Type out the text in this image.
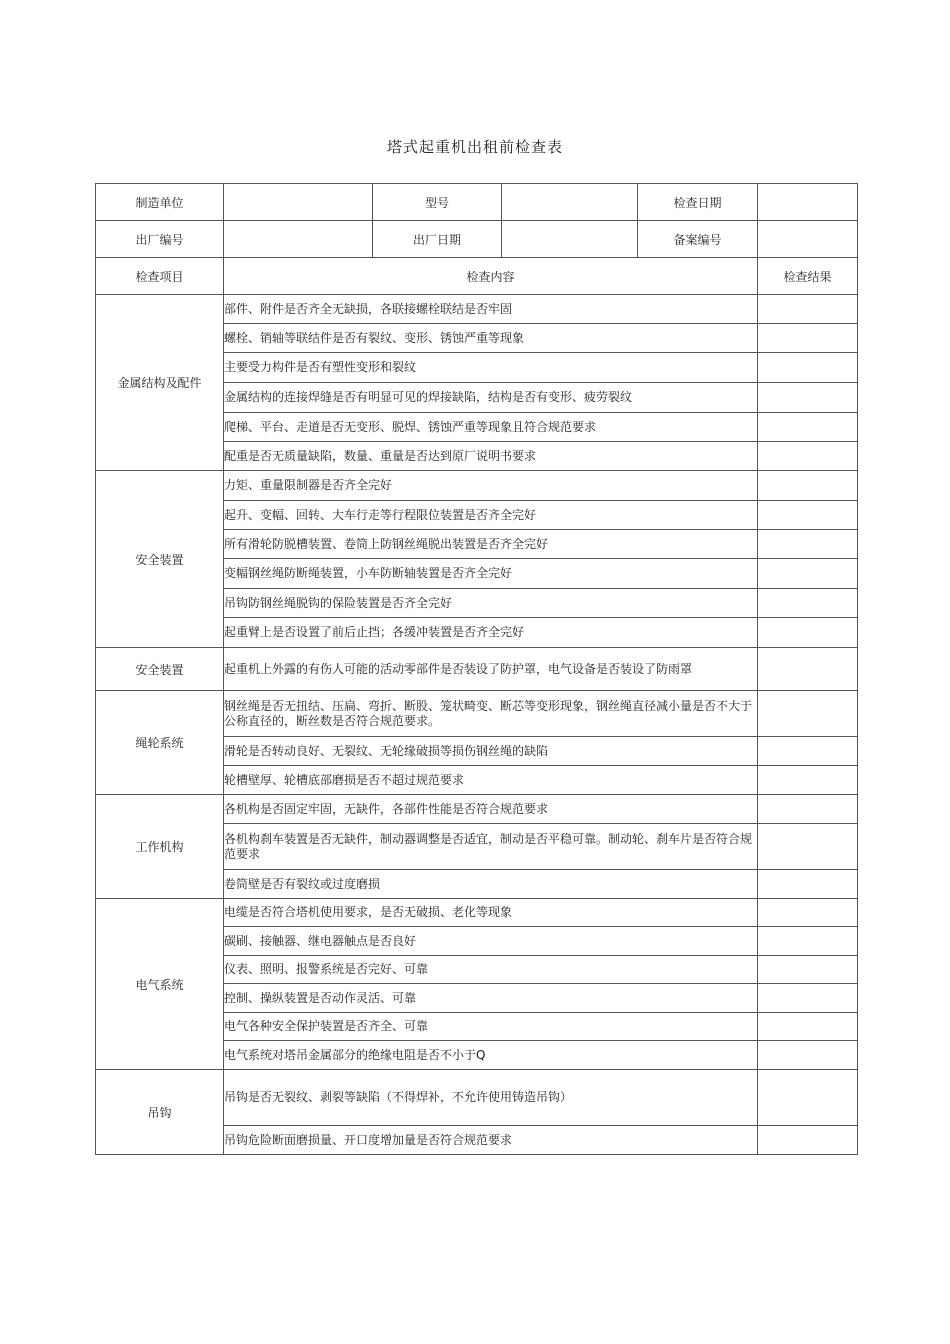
塔式起重机出租前检查表
制造单位		型号		检查日期	
出厂编号		出厂日期		备案编号	
检查项目	检查内容				检查结果
金属结构及配件	部件、附件是否齐全无缺损，各联接螺栓联结是否牢固				
	螺栓、销轴等联结件是否有裂纹、变形、锈蚀严重等现象				
	主要受力构件是否有塑性变形和裂纹				
	金属结构的连接焊缝是否有明显可见的焊接缺陷，结构是否有变形、疲劳裂纹				
	爬梯、平台、走道是否无变形、脱焊、锈蚀严重等现象且符合规范要求				
	配重是否无质量缺陷，数量、重量是否达到原厂说明书要求				
安全装置	力矩、重量限制器是否齐全完好				
	起升、变幅、回转、大车行走等行程限位装置是否齐全完好				
	所有滑轮防脱槽装置、卷筒上防钢丝绳脱出装置是否齐全完好				
	变幅钢丝绳防断绳装置，小车防断轴装置是否齐全完好				
	吊钩防钢丝绳脱钩的保险装置是否齐全完好				
	起重臂上是否设置了前后止挡；各缓冲装置是否齐全完好				
安全装置	起重机上外露的有伤人可能的活动零部件是否装设了防护罩，电气设备是否装设了防雨罩				
绳轮系统	钢丝绳是否无扭结、压扁、弯折、断股、笼状畸变、断芯等变形现象，钢丝绳直径减小量是否不大于公称直径的，断丝数是否符合规范要求。				
	滑轮是否转动良好、无裂纹、无轮缘破损等损伤钢丝绳的缺陷				
	轮槽壁厚、轮槽底部磨损是否不超过规范要求				
工作机构	各机构是否固定牢固，无缺件，各部件性能是否符合规范要求				
	各机构刹车装置是否无缺件，制动器调整是否适宜，制动是否平稳可靠。制动轮、刹车片是否符合规范要求				
	卷筒壁是否有裂纹或过度磨损				
电气系统	电缆是否符合塔机使用要求，是否无破损、老化等现象				
	碳刷、接触器、继电器触点是否良好				
	仪表、照明、报警系统是否完好、可靠				
	控制、操纵装置是否动作灵活、可靠				
	电气各种安全保护装置是否齐全、可靠				
	电气系统对塔吊金属部分的绝缘电阻是否不小于Q				
吊钩	吊钩是否无裂纹、剥裂等缺陷（不得焊补，不允许使用铸造吊钩）				
	吊钩危险断面磨损量、开口度增加量是否符合规范要求				
